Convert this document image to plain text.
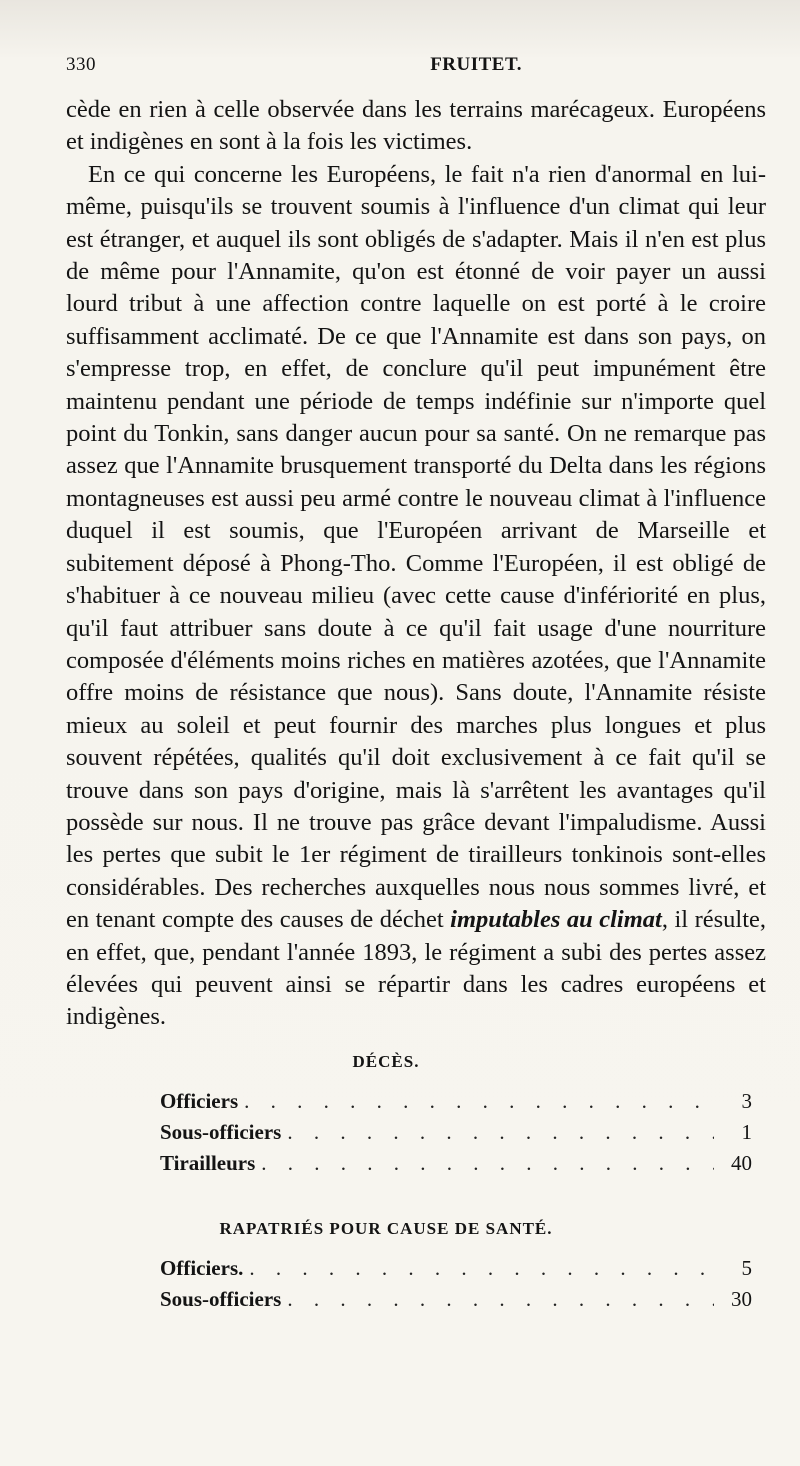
330	FRUITET.

cède en rien à celle observée dans les terrains marécageux. Européens et indigènes en sont à la fois les victimes.

En ce qui concerne les Européens, le fait n'a rien d'anormal en lui-même, puisqu'ils se trouvent soumis à l'influence d'un climat qui leur est étranger, et auquel ils sont obligés de s'adapter. Mais il n'en est plus de même pour l'Annamite, qu'on est étonné de voir payer un aussi lourd tribut à une affection contre laquelle on est porté à le croire suffisamment acclimaté. De ce que l'Annamite est dans son pays, on s'empresse trop, en effet, de conclure qu'il peut impunément être maintenu pendant une période de temps indéfinie sur n'importe quel point du Tonkin, sans danger aucun pour sa santé. On ne remarque pas assez que l'Annamite brusquement transporté du Delta dans les régions montagneuses est aussi peu armé contre le nouveau climat à l'influence duquel il est soumis, que l'Européen arrivant de Marseille et subitement déposé à Phong-Tho. Comme l'Européen, il est obligé de s'habituer à ce nouveau milieu (avec cette cause d'infériorité en plus, qu'il faut attribuer sans doute à ce qu'il fait usage d'une nourriture composée d'éléments moins riches en matières azotées, que l'Annamite offre moins de résistance que nous). Sans doute, l'Annamite résiste mieux au soleil et peut fournir des marches plus longues et plus souvent répétées, qualités qu'il doit exclusivement à ce fait qu'il se trouve dans son pays d'origine, mais là s'arrêtent les avantages qu'il possède sur nous. Il ne trouve pas grâce devant l'impaludisme. Aussi les pertes que subit le 1er régiment de tirailleurs tonkinois sont-elles considérables. Des recherches auxquelles nous nous sommes livré, et en tenant compte des causes de déchet imputables au climat, il résulte, en effet, que, pendant l'année 1893, le régiment a subi des pertes assez élevées qui peuvent ainsi se répartir dans les cadres européens et indigènes.

DÉCÈS.
Officiers . . .	3
Sous-officiers . . .	1
Tirailleurs . . .	40
RAPATRIÉS POUR CAUSE DE SANTÉ.
Officiers. . . .	5
Sous-officiers . . .	30
